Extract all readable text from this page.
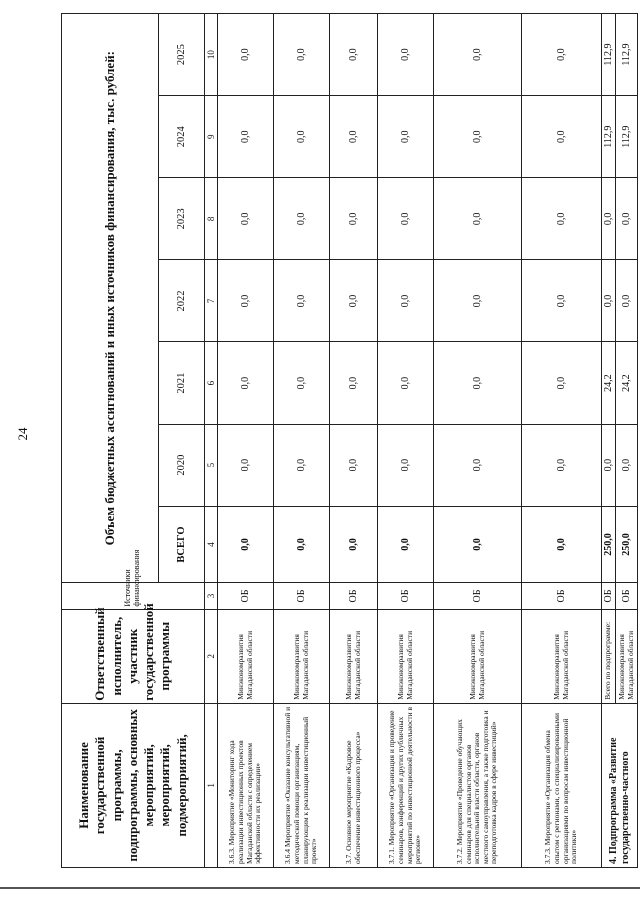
24
Наименование государственной программы, подпрограммы, основных мероприятий, мероприятий, подмероприятий,	Ответственный исполнитель, участник государственной программы	Источники финансирования	Объем бюджетных ассигнований и иных источников финансирования, тыс. рублей:						
			ВСЕГО	2020	2021	2022	2023	2024	2025
1	2	3	4	5	6	7	8	9	10
3.6.3. Мероприятие «Мониторинг хода реализации инвестиционных проектов Магаданской области с определением эффективности их реализации»	Минэкономразвития Магаданской области	ОБ	0,0	0,0	0,0	0,0	0,0	0,0	0,0
3.6.4 Мероприятие «Оказание консультативной и методической помощи организациям, планирующим к реализации инвестиционный проект»	Минэкономразвития Магаданской области	ОБ	0,0	0,0	0,0	0,0	0,0	0,0	0,0
3.7. Основное мероприятие «Кадровое обеспечение инвестиционного процесса»	Минэкономразвития Магаданской области	ОБ	0,0	0,0	0,0	0,0	0,0	0,0	0,0
3.7.1. Мероприятие «Организация и проведение семинаров, конференций и других публичных мероприятий по инвестиционной деятельности в регионе»	Минэкономразвития Магаданской области	ОБ	0,0	0,0	0,0	0,0	0,0	0,0	0,0
3.7.2. Мероприятие «Проведение обучающих семинаров для специалистов органов исполнительной власти области, органов местного самоуправления, а также подготовка и переподготовка кадров в сфере инвестиций»	Минэкономразвития Магаданской области	ОБ	0,0	0,0	0,0	0,0	0,0	0,0	0,0
3.7.3. Мероприятие «Организация обмена опытом с регионами, со специализированными организациями по вопросам инвестиционной политики»	Минэкономразвития Магаданской области	ОБ	0,0	0,0	0,0	0,0	0,0	0,0	0,0
4. Подпрограмма «Развитие государственно-частного	Всего по подпрограмме:	ОБ	250,0	0,0	24,2	0,0	0,0	112,9	112,9
	Минэкономразвития Магаданской области	ОБ	250,0	0,0	24,2	0,0	0,0	112,9	112,9
